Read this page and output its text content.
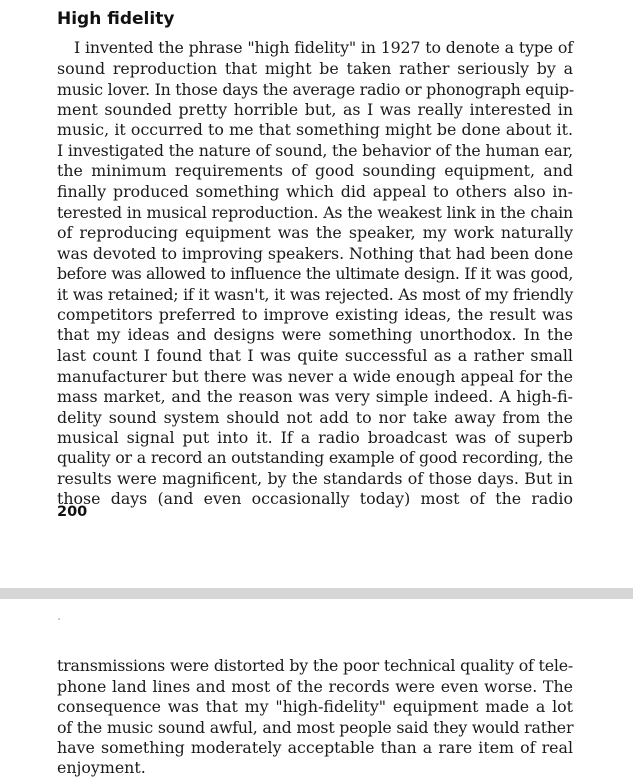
High fidelity
I invented the phrase "high fidelity" in 1927 to denote a type of
sound reproduction that might be taken rather seriously by a
music lover. In those days the average radio or phonograph equip-
ment sounded pretty horrible but, as I was really interested in
music, it occurred to me that something might be done about it.
I investigated the nature of sound, the behavior of the human ear,
the minimum requirements of good sounding equipment, and
finally produced something which did appeal to others also in-
terested in musical reproduction. As the weakest link in the chain
of reproducing equipment was the speaker, my work naturally
was devoted to improving speakers. Nothing that had been done
before was allowed to influence the ultimate design. If it was good,
it was retained; if it wasn't, it was rejected. As most of my friendly
competitors preferred to improve existing ideas, the result was
that my ideas and designs were something unorthodox. In the
last count I found that I was quite successful as a rather small
manufacturer but there was never a wide enough appeal for the
mass market, and the reason was very simple indeed. A high-fi-
delity sound system should not add to nor take away from the
musical signal put into it. If a radio broadcast was of superb
quality or a record an outstanding example of good recording, the
results were magnificent, by the standards of those days. But in
those days (and even occasionally today) most of the radio
200
transmissions were distorted by the poor technical quality of tele-
phone land lines and most of the records were even worse. The
consequence was that my "high-fidelity" equipment made a lot
of the music sound awful, and most people said they would rather
have something moderately acceptable than a rare item of real
enjoyment.
